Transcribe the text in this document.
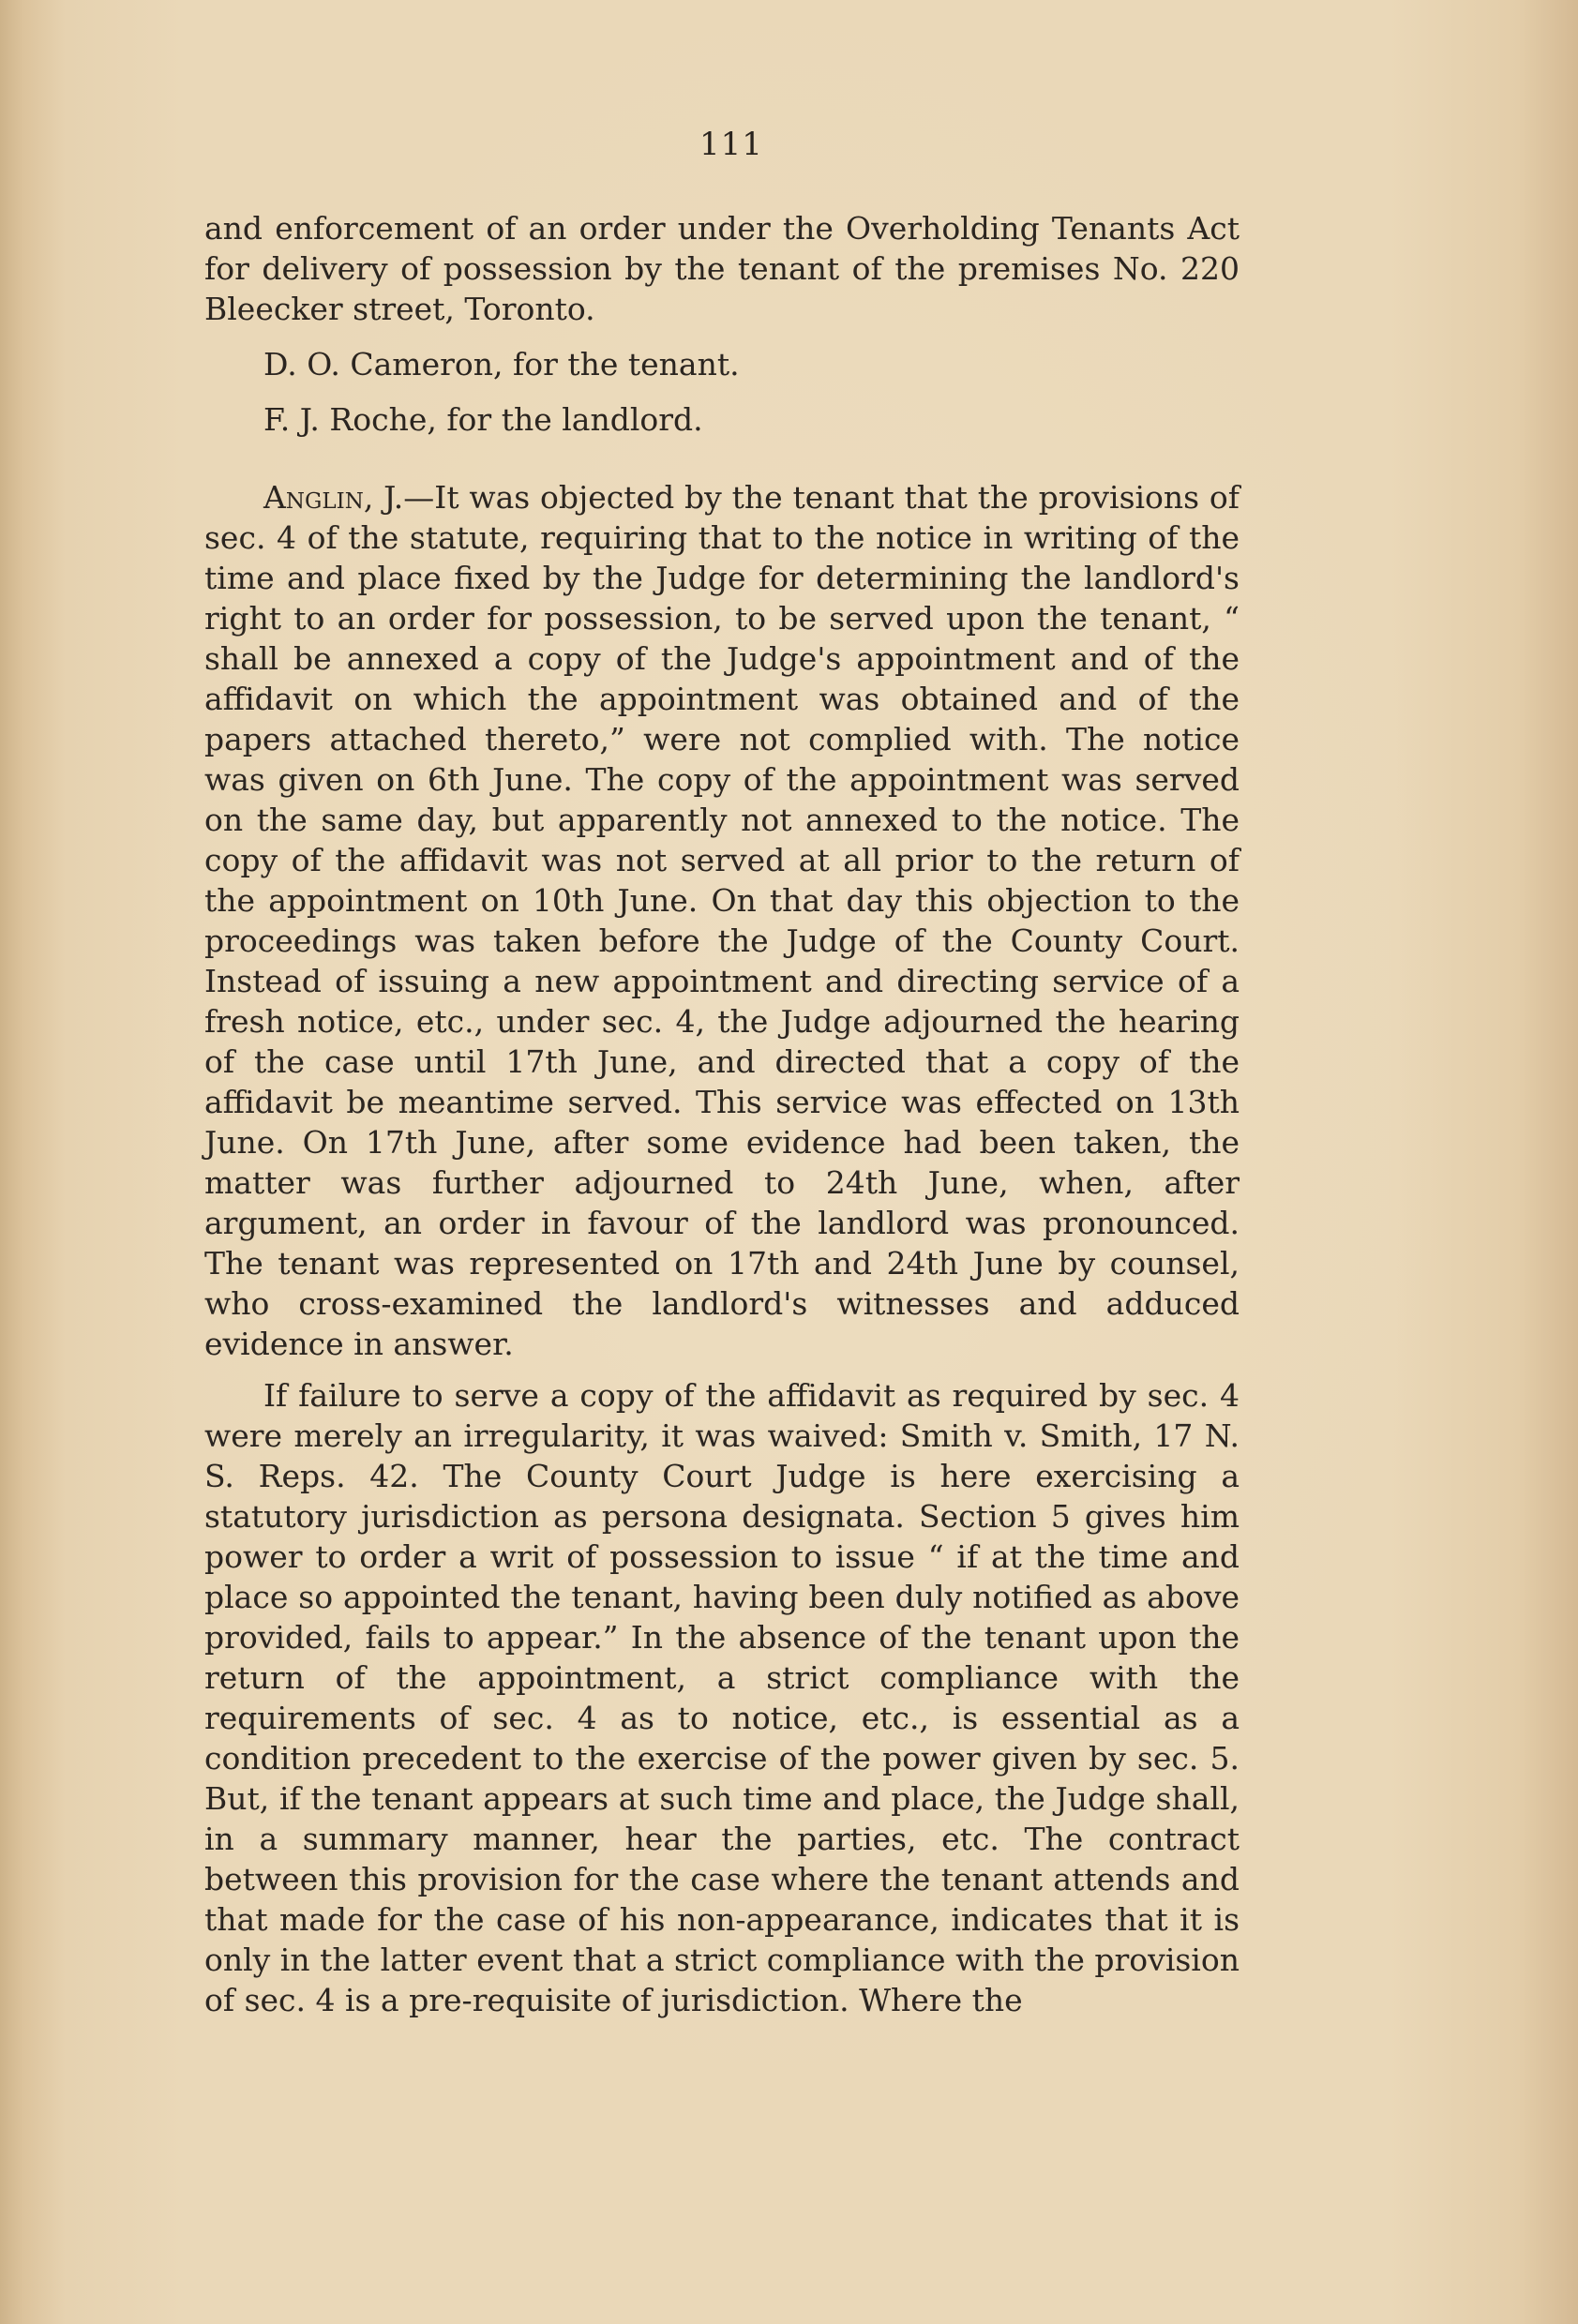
111

and enforcement of an order under the Overholding Tenants Act for delivery of possession by the tenant of the premises No. 220 Bleecker street, Toronto.

D. O. Cameron, for the tenant.

F. J. Roche, for the landlord.

Anglin, J.—It was objected by the tenant that the provisions of sec. 4 of the statute, requiring that to the notice in writing of the time and place fixed by the Judge for determining the landlord's right to an order for possession, to be served upon the tenant, “ shall be annexed a copy of the Judge's appointment and of the affidavit on which the appointment was obtained and of the papers attached thereto,” were not complied with. The notice was given on 6th June. The copy of the appointment was served on the same day, but apparently not annexed to the notice. The copy of the affidavit was not served at all prior to the return of the appointment on 10th June. On that day this objection to the proceedings was taken before the Judge of the County Court. Instead of issuing a new appointment and directing service of a fresh notice, etc., under sec. 4, the Judge adjourned the hearing of the case until 17th June, and directed that a copy of the affidavit be meantime served. This service was effected on 13th June. On 17th June, after some evidence had been taken, the matter was further adjourned to 24th June, when, after argument, an order in favour of the landlord was pronounced. The tenant was represented on 17th and 24th June by counsel, who cross-examined the landlord's witnesses and adduced evidence in answer.

If failure to serve a copy of the affidavit as required by sec. 4 were merely an irregularity, it was waived: Smith v. Smith, 17 N. S. Reps. 42. The County Court Judge is here exercising a statutory jurisdiction as persona designata. Section 5 gives him power to order a writ of possession to issue “ if at the time and place so appointed the tenant, having been duly notified as above provided, fails to appear.” In the absence of the tenant upon the return of the appointment, a strict compliance with the requirements of sec. 4 as to notice, etc., is essential as a condition precedent to the exercise of the power given by sec. 5. But, if the tenant appears at such time and place, the Judge shall, in a summary manner, hear the parties, etc. The contract between this provision for the case where the tenant attends and that made for the case of his non-appearance, indicates that it is only in the latter event that a strict compliance with the provision of sec. 4 is a pre-requisite of jurisdiction. Where the
